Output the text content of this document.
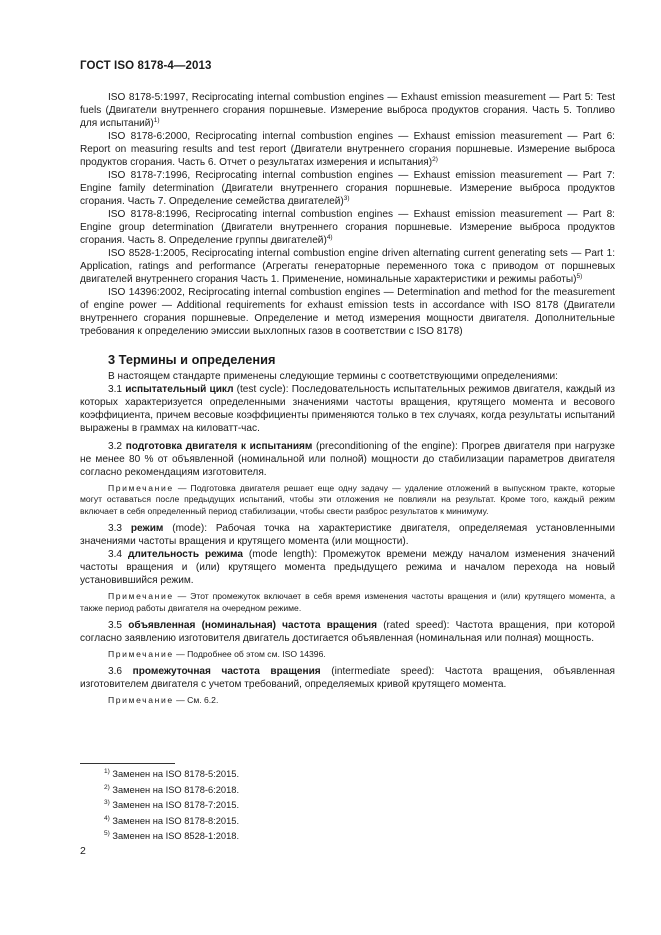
ГОСТ ISO 8178-4—2013

ISO 8178-5:1997, Reciprocating internal combustion engines — Exhaust emission measurement — Part 5: Test fuels (Двигатели внутреннего сгорания поршневые. Измерение выброса продуктов сгорания. Часть 5. Топливо для испытаний)$^{1)}$

ISO 8178-6:2000, Reciprocating internal combustion engines — Exhaust emission measurement — Part 6: Report on measuring results and test report (Двигатели внутреннего сгорания поршневые. Измерение выброса продуктов сгорания. Часть 6. Отчет о результатах измерения и испытания)$^{2)}$

ISO 8178-7:1996, Reciprocating internal combustion engines — Exhaust emission measurement — Part 7: Engine family determination (Двигатели внутреннего сгорания поршневые. Измерение выброса продуктов сгорания. Часть 7. Определение семейства двигателей)$^{3)}$

ISO 8178-8:1996, Reciprocating internal combustion engines — Exhaust emission measurement — Part 8: Engine group determination (Двигатели внутреннего сгорания поршневые. Измерение выброса продуктов сгорания. Часть 8. Определение группы двигателей)$^{4)}$

ISO 8528-1:2005, Reciprocating internal combustion engine driven alternating current generating sets — Part 1: Application, ratings and performance (Агрегаты генераторные переменного тока с приводом от поршневых двигателей внутреннего сгорания Часть 1. Применение, номинальные характеристики и режимы работы)$^{5)}$

ISO 14396:2002, Reciprocating internal combustion engines — Determination and method for the measurement of engine power — Additional requirements for exhaust emission tests in accordance with ISO 8178 (Двигатели внутреннего сгорания поршневые. Определение и метод измерения мощности двигателя. Дополнительные требования к определению эмиссии выхлопных газов в соответствии с ISO 8178)

3 Термины и определения

В настоящем стандарте применены следующие термины с соответствующими определениями:

3.1 испытательный цикл (test cycle): Последовательность испытательных режимов двигателя, каждый из которых характеризуется определенными значениями частоты вращения, крутящего момента и весового коэффициента, причем весовые коэффициенты применяются только в тех случаях, когда результаты испытаний выражены в граммах на киловатт-час.

3.2 подготовка двигателя к испытаниям (preconditioning of the engine): Прогрев двигателя при нагрузке не менее 80 % от объявленной (номинальной или полной) мощности до стабилизации параметров двигателя согласно рекомендациям изготовителя.

Примечание — Подготовка двигателя решает еще одну задачу — удаление отложений в выпускном тракте, которые могут оставаться после предыдущих испытаний, чтобы эти отложения не повлияли на результат. Кроме того, каждый режим включает в себя определенный период стабилизации, чтобы свести разброс результатов к минимуму.

3.3 режим (mode): Рабочая точка на характеристике двигателя, определяемая установленными значениями частоты вращения и крутящего момента (или мощности).

3.4 длительность режима (mode length): Промежуток времени между началом изменения значений частоты вращения и (или) крутящего момента предыдущего режима и началом перехода на новый установившийся режим.

Примечание — Этот промежуток включает в себя время изменения частоты вращения и (или) крутящего момента, а также период работы двигателя на очередном режиме.

3.5 объявленная (номинальная) частота вращения (rated speed): Частота вращения, при которой согласно заявлению изготовителя двигатель достигается объявленная (номинальная или полная) мощность.

Примечание — Подробнее об этом см. ISO 14396.

3.6 промежуточная частота вращения (intermediate speed): Частота вращения, объявленная изготовителем двигателя с учетом требований, определяемых кривой крутящего момента.

Примечание — См. 6.2.

$^{1)}$ Заменен на ISO 8178-5:2015.
$^{2)}$ Заменен на ISO 8178-6:2018.
$^{3)}$ Заменен на ISO 8178-7:2015.
$^{4)}$ Заменен на ISO 8178-8:2015.
$^{5)}$ Заменен на ISO 8528-1:2018.
2
